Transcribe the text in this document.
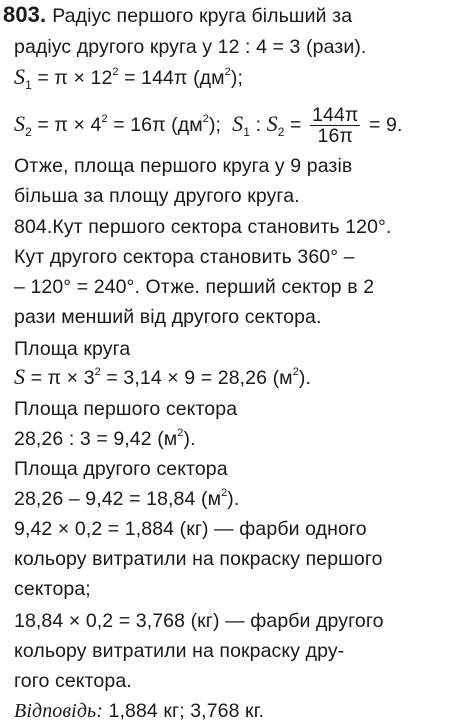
803. Радіус першого круга більший за
радіус другого круга у 12 : 4 = 3 (рази).
$S_1 = \pi \times 12^2 = 144\pi$ $(дм^2)$;
$S_2 = \pi \times 4^2 = 16\pi$ $(дм^2)$; $S_1$ : $S_2 = \frac{144\pi}{16\pi} = 9$.
Отже, площа першого круга у 9 разів
більша за площу другого круга.
804.Кут першого сектора становить 120°.
Кут другого сектора становить 360° –
– 120° = 240°. Отже. перший сектор в 2
рази менший від другого сектора.
Площа круга
$S = \pi \times 3^2 = 3,14 \times 9 = 28,26$ $(м^2)$.
Площа першого сектора
28,26 : 3 = 9,42 $(м^2)$.
Площа другого сектора
28,26 – 9,42 = 18,84 $(м^2)$.
9,42 × 0,2 = 1,884 (кг) — фарби одного
кольору витратили на покраску першого
сектора;
18,84 × 0,2 = 3,768 (кг) — фарби другого
кольору витратили на покраску дру-
гого сектора.
Відповідь: 1,884 кг; 3,768 кг.
